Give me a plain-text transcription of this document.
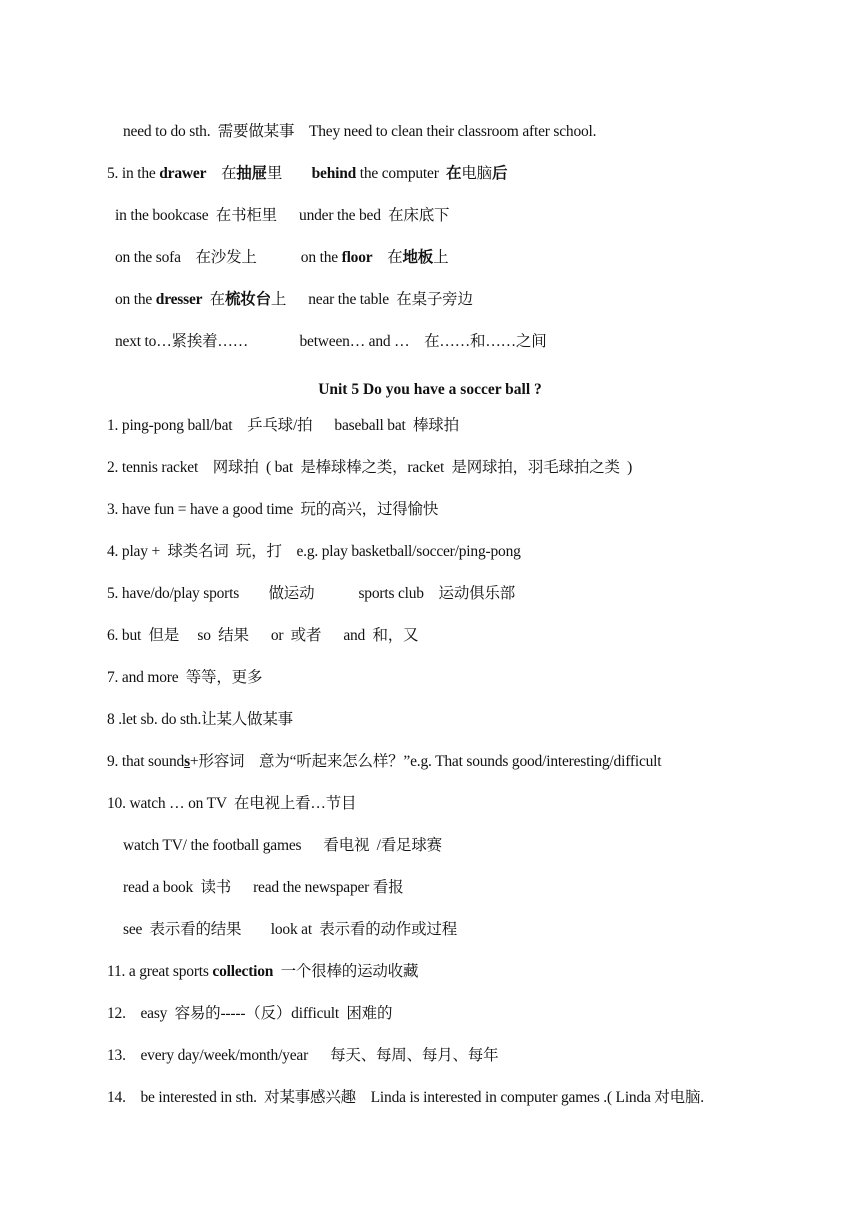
need to do sth.  需要做某事    They need to clean their classroom after school.
5. in the drawer    在抽屉里        behind the computer  在电脑后
in the bookcase  在书柜里      under the bed  在床底下
on the sofa    在沙发上            on the floor    在地板上
on the dresser  在梳妆台上      near the table  在桌子旁边
next to…紧挨着……              between… and …    在……和……之间
Unit 5 Do you have a soccer ball ?
1. ping-pong ball/bat    乒乓球/拍      baseball bat  棒球拍
2. tennis racket    网球拍  ( bat  是棒球棒之类，racket  是网球拍，羽毛球拍之类  )
3. have fun = have a good time  玩的高兴，过得愉快
4. play +  球类名词  玩，打    e.g. play basketball/soccer/ping-pong
5. have/do/play sports        做运动            sports club    运动俱乐部
6. but  但是     so  结果      or  或者      and  和，又
7. and more  等等，更多
8 .let sb. do sth.让某人做某事
9. that sounds+形容词    意为“听起来怎么样？”e.g. That sounds good/interesting/difficult
10. watch … on TV  在电视上看…节目
watch TV/ the football games      看电视  /看足球赛
read a book  读书      read the newspaper 看报
see  表示看的结果        look at  表示看的动作或过程
11. a great sports collection  一个很棒的运动收藏
12.    easy  容易的-----（反）difficult  困难的
13.    every day/week/month/year      每天、每周、每月、每年
14.    be interested in sth.  对某事感兴趣    Linda is interested in computer games .( Linda 对电脑.
